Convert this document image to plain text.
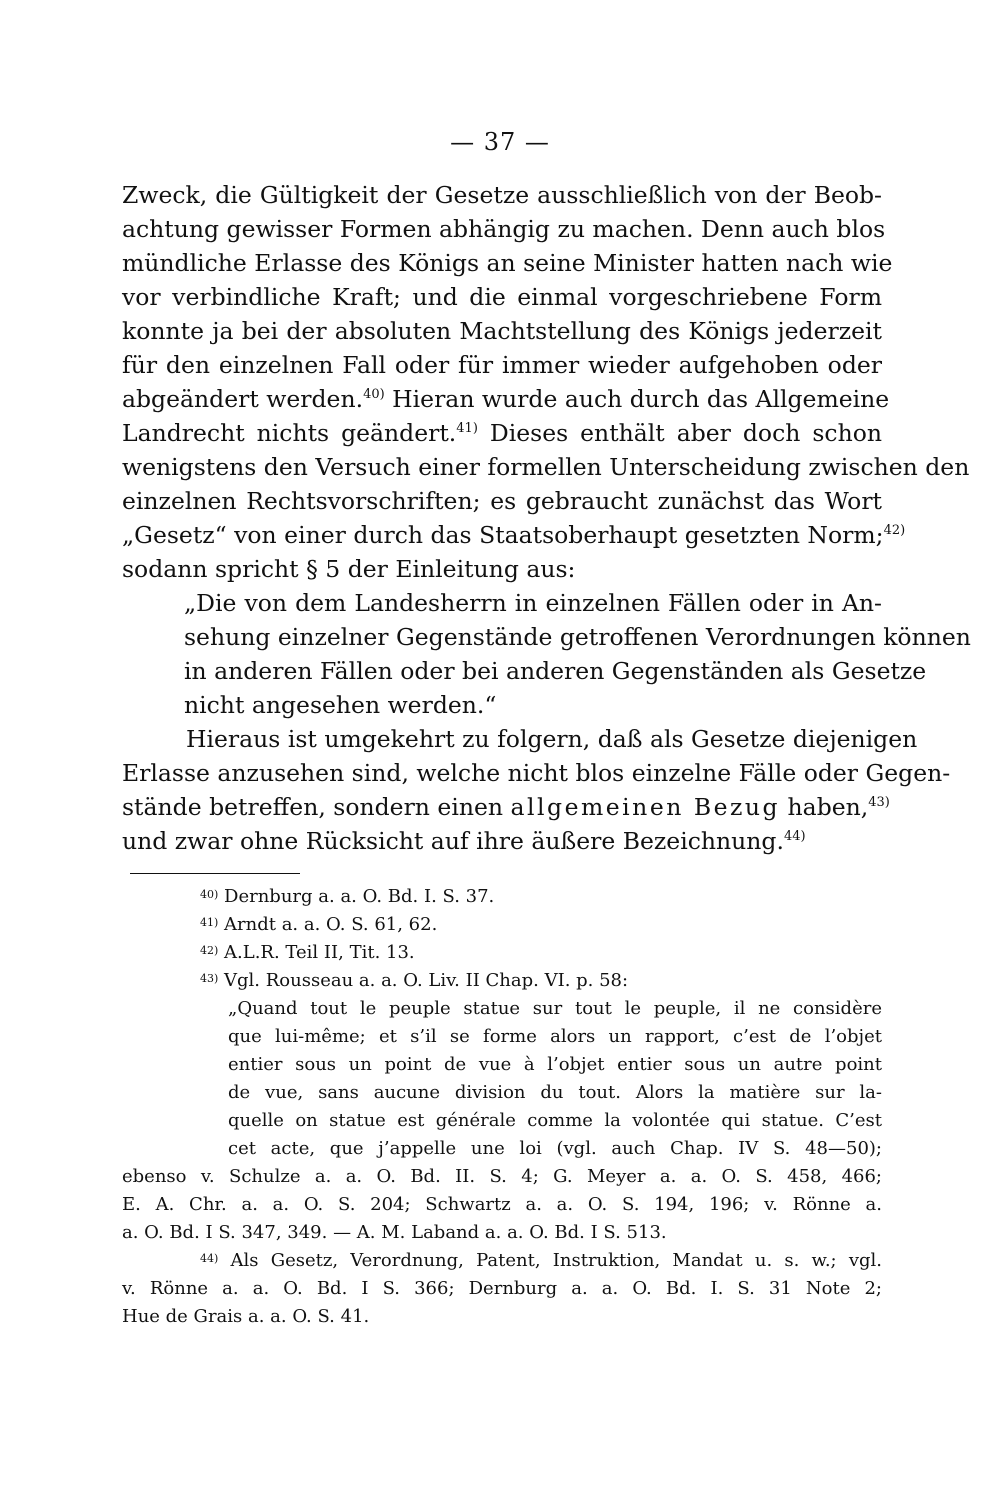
— 37 —
Zweck, die Gültigkeit der Gesetze ausschließlich von der Beob-
achtung gewisser Formen abhängig zu machen. Denn auch blos
mündliche Erlasse des Königs an seine Minister hatten nach wie
vor verbindliche Kraft; und die einmal vorgeschriebene Form
konnte ja bei der absoluten Machtstellung des Königs jederzeit
für den einzelnen Fall oder für immer wieder aufgehoben oder
abgeändert werden.$^{40)}$ Hieran wurde auch durch das Allgemeine
Landrecht nichts geändert.$^{41)}$ Dieses enthält aber doch schon
wenigstens den Versuch einer formellen Unterscheidung zwischen den
einzelnen Rechtsvorschriften; es gebraucht zunächst das Wort
„Gesetz“ von einer durch das Staatsoberhaupt gesetzten Norm;$^{42)}$
sodann spricht § 5 der Einleitung aus:
„Die von dem Landesherrn in einzelnen Fällen oder in An-
sehung einzelner Gegenstände getroffenen Verordnungen können
in anderen Fällen oder bei anderen Gegenständen als Gesetze
nicht angesehen werden.“
Hieraus ist umgekehrt zu folgern, daß als Gesetze diejenigen
Erlasse anzusehen sind, welche nicht blos einzelne Fälle oder Gegen-
stände betreffen, sondern einen allgemeinen Bezug haben,$^{43)}$
und zwar ohne Rücksicht auf ihre äußere Bezeichnung.$^{44)}$
$^{40)}$ Dernburg a. a. O. Bd. I. S. 37.
$^{41)}$ Arndt a. a. O. S. 61, 62.
$^{42)}$ A.L.R. Teil II, Tit. 13.
$^{43)}$ Vgl. Rousseau a. a. O. Liv. II Chap. VI. p. 58:
„Quand tout le peuple statue sur tout le peuple, il ne considère
que lui-même; et s’il se forme alors un rapport, c’est de l’objet
entier sous un point de vue à l’objet entier sous un autre point
de vue, sans aucune division du tout. Alors la matière sur la-
quelle on statue est générale comme la volontée qui statue. C’est
cet acte, que j’appelle une loi (vgl. auch Chap. IV S. 48—50);
ebenso v. Schulze a. a. O. Bd. II. S. 4; G. Meyer a. a. O. S. 458, 466;
E. A. Chr. a. a. O. S. 204; Schwartz a. a. O. S. 194, 196; v. Rönne a.
a. O. Bd. I S. 347, 349. — A. M. Laband a. a. O. Bd. I S. 513.
$^{44)}$ Als Gesetz, Verordnung, Patent, Instruktion, Mandat u. s. w.; vgl.
v. Rönne a. a. O. Bd. I S. 366; Dernburg a. a. O. Bd. I. S. 31 Note 2;
Hue de Grais a. a. O. S. 41.
